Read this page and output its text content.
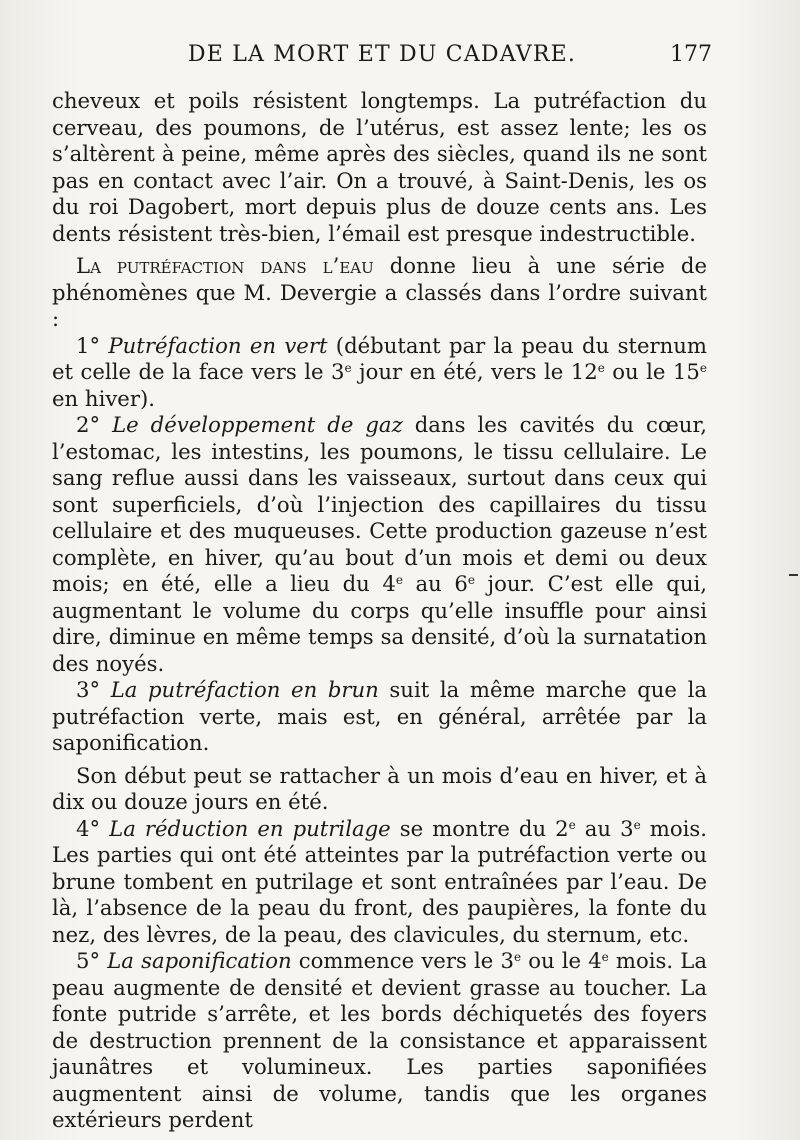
DE LA MORT ET DU CADAVRE.	177

cheveux et poils résistent longtemps. La putréfaction du cerveau, des poumons, de l’utérus, est assez lente; les os s’altèrent à peine, même après des siècles, quand ils ne sont pas en contact avec l’air. On a trouvé, à Saint-Denis, les os du roi Dagobert, mort depuis plus de douze cents ans. Les dents résistent très-bien, l’émail est presque indestructible.

La putréfaction dans l’eau donne lieu à une série de phénomènes que M. Devergie a classés dans l’ordre suivant :

1° Putréfaction en vert (débutant par la peau du sternum et celle de la face vers le 3e jour en été, vers le 12e ou le 15e en hiver).

2° Le développement de gaz dans les cavités du cœur, l’estomac, les intestins, les poumons, le tissu cellulaire. Le sang reflue aussi dans les vaisseaux, surtout dans ceux qui sont superficiels, d’où l’injection des capillaires du tissu cellulaire et des muqueuses. Cette production gazeuse n’est complète, en hiver, qu’au bout d’un mois et demi ou deux mois; en été, elle a lieu du 4e au 6e jour. C’est elle qui, augmentant le volume du corps qu’elle insuffle pour ainsi dire, diminue en même temps sa densité, d’où la surnatation des noyés.

3° La putréfaction en brun suit la même marche que la putréfaction verte, mais est, en général, arrêtée par la saponification.

Son début peut se rattacher à un mois d’eau en hiver, et à dix ou douze jours en été.

4° La réduction en putrilage se montre du 2e au 3e mois. Les parties qui ont été atteintes par la putréfaction verte ou brune tombent en putrilage et sont entraînées par l’eau. De là, l’absence de la peau du front, des paupières, la fonte du nez, des lèvres, de la peau, des clavicules, du sternum, etc.

5° La saponification commence vers le 3e ou le 4e mois. La peau augmente de densité et devient grasse au toucher. La fonte putride s’arrête, et les bords déchiquetés des foyers de destruction prennent de la consistance et apparaissent jaunâtres et volumineux. Les parties saponifiées augmentent ainsi de volume, tandis que les organes extérieurs perdent
